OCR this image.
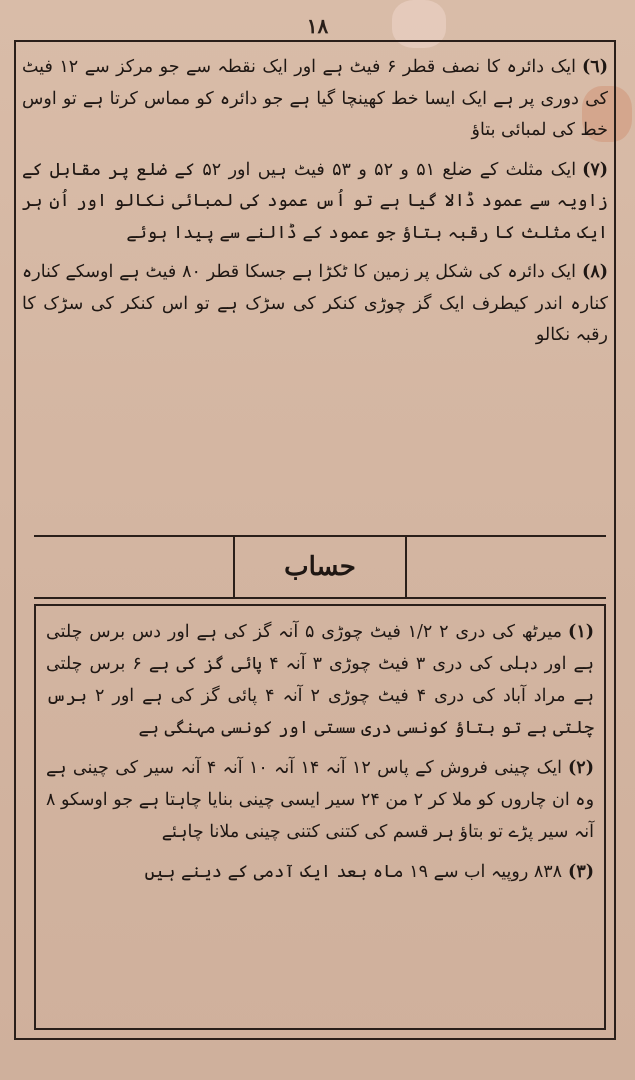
١٨

(٦)ایک دائرہ کا نصف قطر ۶ فیٹ ہے اور ایک نقطہ سے جو مرکز سے ۱۲ فیٹ کی دوری پر ہے ایک ایسا خط کھینچا گیا ہے جو دائرہ کو مماس کرتا ہے تو اوس خط کی لمبائی بتاؤ

(٧)ایک مثلث کے ضلع ۵۱ و ۵۲ و ۵۳ فیٹ ہیں اور ۵۲ کے ضلع پر مقابل کے زاویہ سے عمود ڈالا گیا ہے تو اُس عمود کی لمبائی نکالو اور اُن ہر ایک مثلث کا رقبہ بتاؤ جو عمود کے ڈالنے سے پیدا ہوئے

(٨)ایک دائرہ کی شکل پر زمین کا ٹکڑا ہے جسکا قطر ۸۰ فیٹ ہے اوسکے کنارہ کنارہ اندر کیطرف ایک گز چوڑی کنکر کی سڑک ہے تو اس کنکر کی سڑک کا رقبہ نکالو

حساب

(١)میرٹھ کی دری ۲ ۱/۲ فیٹ چوڑی ۵ آنہ گز کی ہے اور دس برس چلتی ہے اور دہلی کی دری ۳ فیٹ چوڑی ۳ آنہ ۴ پائی گز کی ہے ۶ برس چلتی ہے مراد آباد کی دری ۴ فیٹ چوڑی ۲ آنہ ۴ پائی گز کی ہے اور ۲ برس چلتی ہے تو بتاؤ کونسی دری سستی اور کونسی مہنگی ہے

(٢)ایک چینی فروش کے پاس ۱۲ آنہ ۱۴ آنہ ۱۰ آنہ ۴ آنہ سیر کی چینی ہے وہ ان چاروں کو ملا کر ۲ من ۲۴ سیر ایسی چینی بنایا چاہتا ہے جو اوسکو ۸ آنہ سیر پڑے تو بتاؤ ہر قسم کی کتنی کتنی چینی ملانا چاہئے

(٣)۸۳۸ روپیہ اب سے ۱۹ ماہ بعد ایک آدمی کے دینے ہیں
